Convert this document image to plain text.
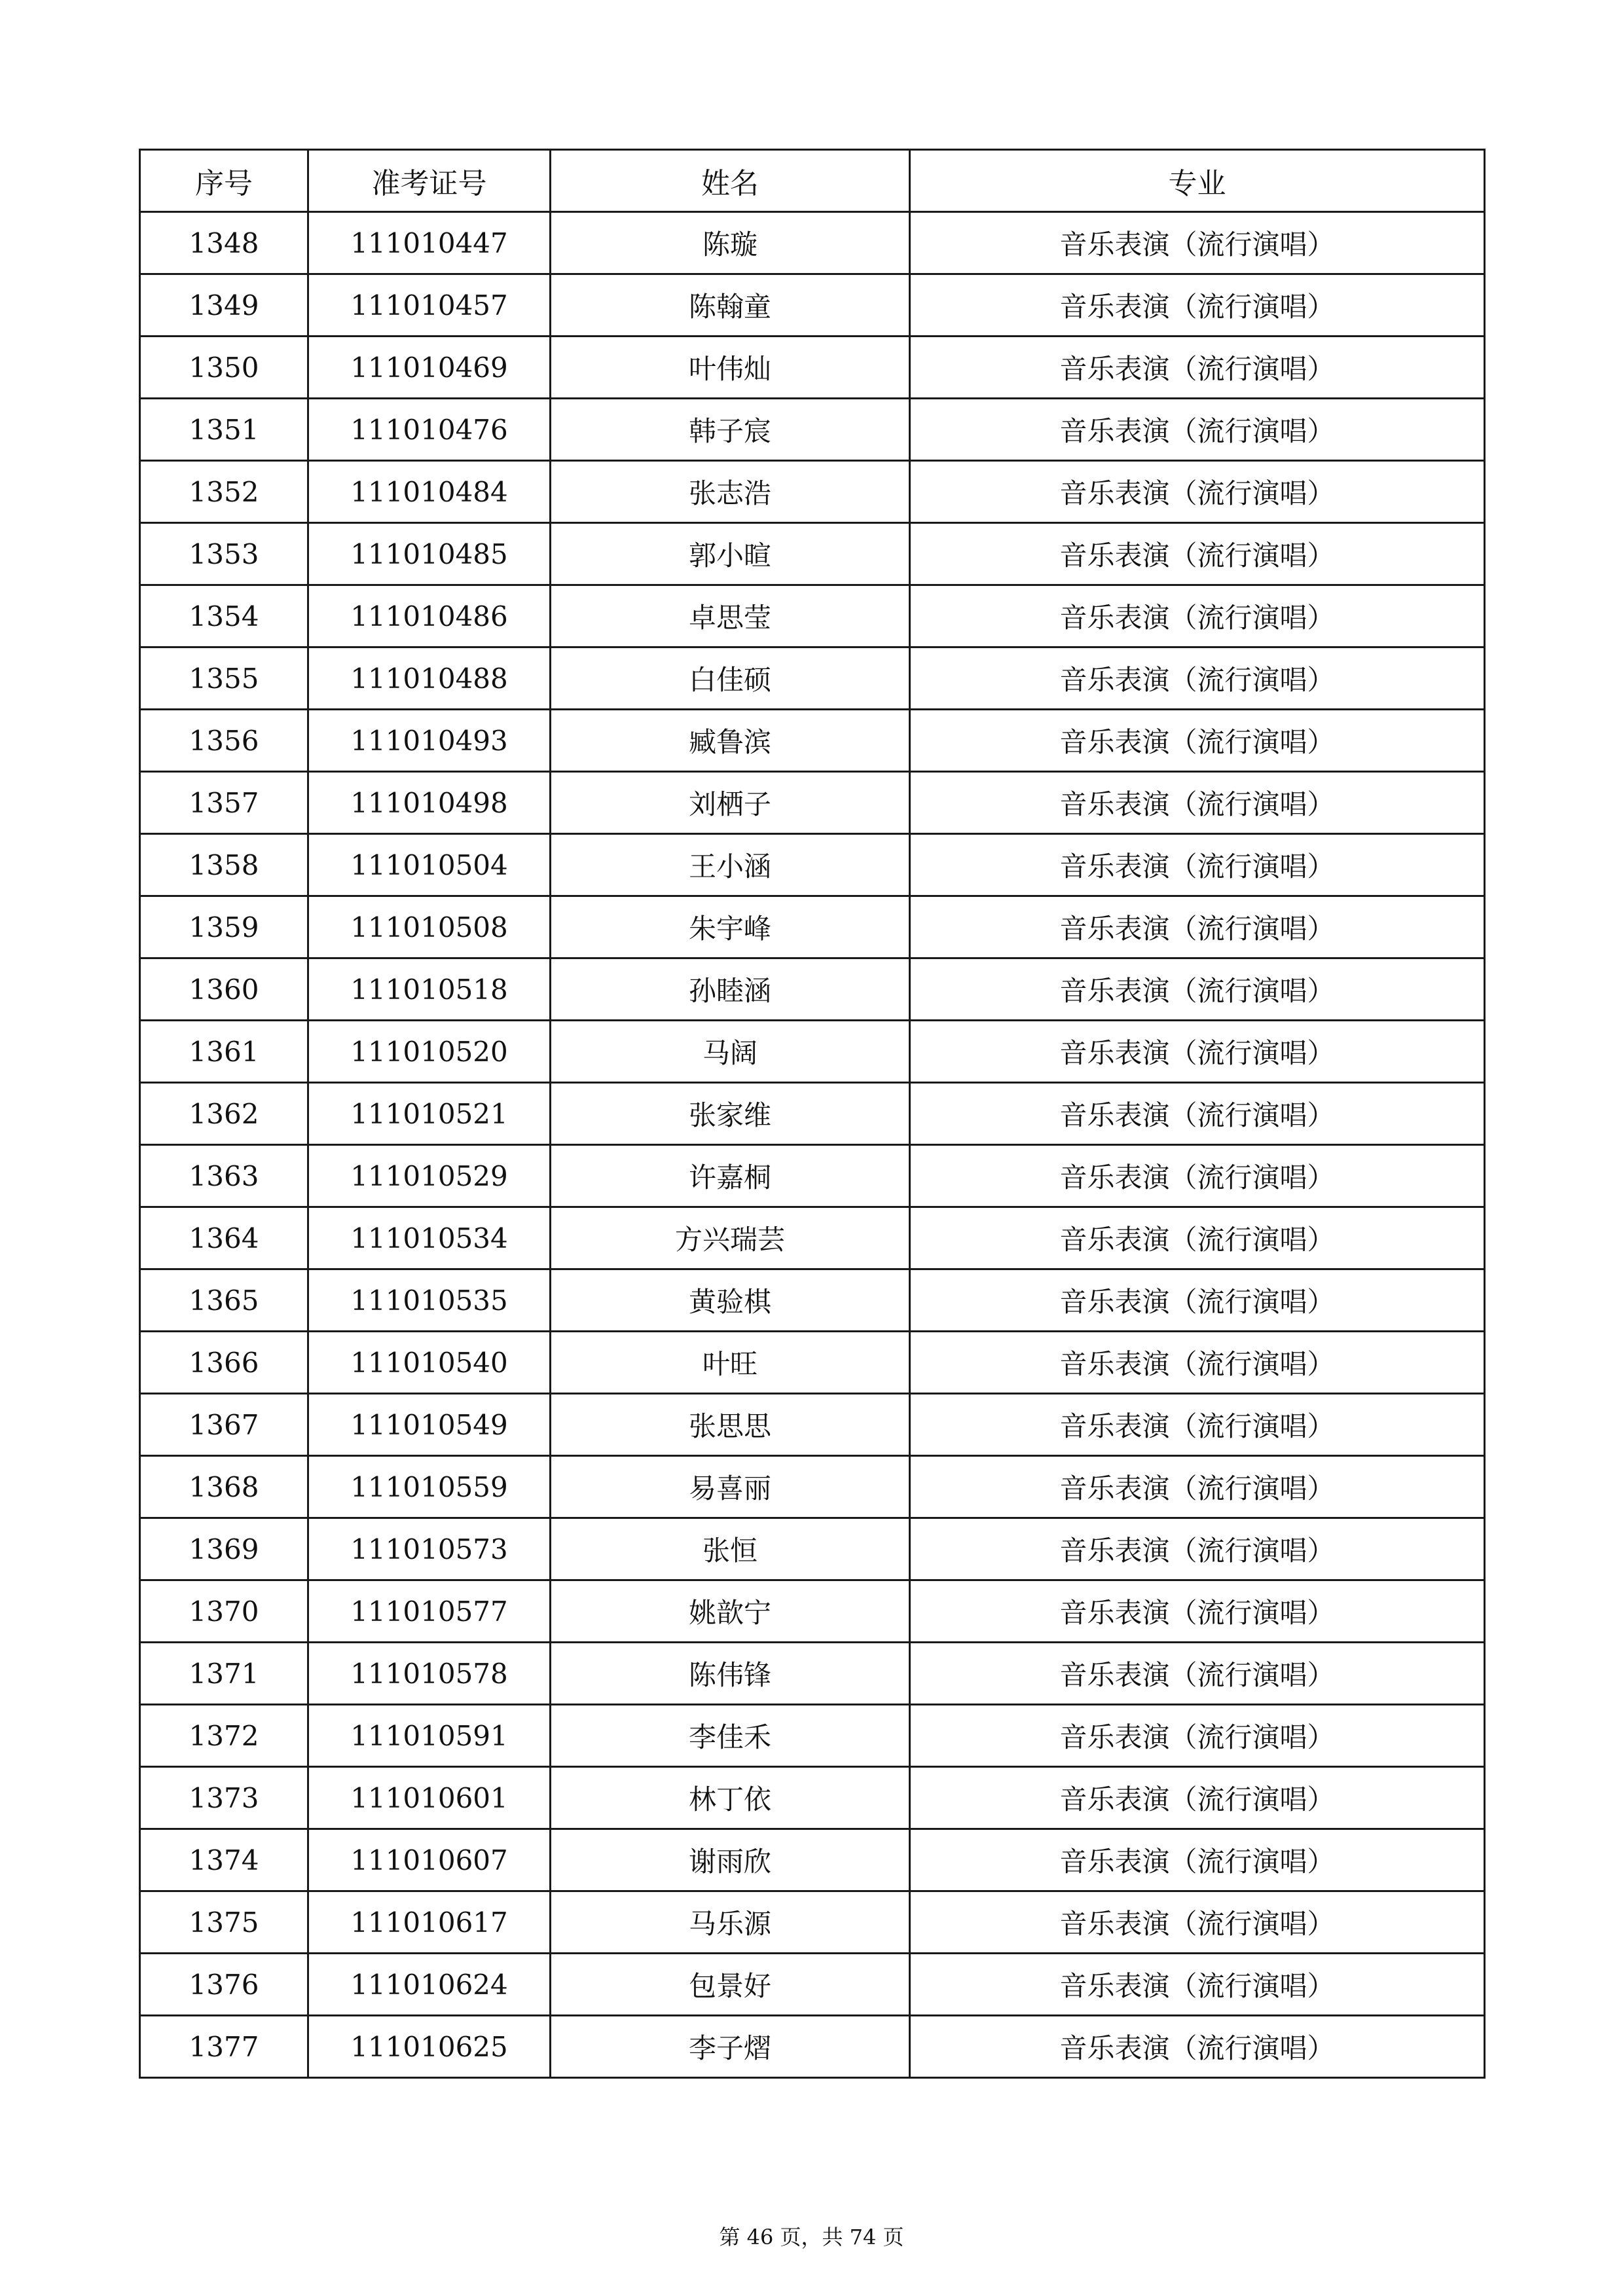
序号	准考证号	姓名	专业
1348	111010447	陈璇	音乐表演（流行演唱）
1349	111010457	陈翰童	音乐表演（流行演唱）
1350	111010469	叶伟灿	音乐表演（流行演唱）
1351	111010476	韩子宸	音乐表演（流行演唱）
1352	111010484	张志浩	音乐表演（流行演唱）
1353	111010485	郭小暄	音乐表演（流行演唱）
1354	111010486	卓思莹	音乐表演（流行演唱）
1355	111010488	白佳硕	音乐表演（流行演唱）
1356	111010493	臧鲁滨	音乐表演（流行演唱）
1357	111010498	刘栖子	音乐表演（流行演唱）
1358	111010504	王小涵	音乐表演（流行演唱）
1359	111010508	朱宇峰	音乐表演（流行演唱）
1360	111010518	孙睦涵	音乐表演（流行演唱）
1361	111010520	马阔	音乐表演（流行演唱）
1362	111010521	张家维	音乐表演（流行演唱）
1363	111010529	许嘉桐	音乐表演（流行演唱）
1364	111010534	方兴瑞芸	音乐表演（流行演唱）
1365	111010535	黄验棋	音乐表演（流行演唱）
1366	111010540	叶旺	音乐表演（流行演唱）
1367	111010549	张思思	音乐表演（流行演唱）
1368	111010559	易喜丽	音乐表演（流行演唱）
1369	111010573	张恒	音乐表演（流行演唱）
1370	111010577	姚歆宁	音乐表演（流行演唱）
1371	111010578	陈伟锋	音乐表演（流行演唱）
1372	111010591	李佳禾	音乐表演（流行演唱）
1373	111010601	林丁依	音乐表演（流行演唱）
1374	111010607	谢雨欣	音乐表演（流行演唱）
1375	111010617	马乐源	音乐表演（流行演唱）
1376	111010624	包景好	音乐表演（流行演唱）
1377	111010625	李子熠	音乐表演（流行演唱）
第 46 页，共 74 页
